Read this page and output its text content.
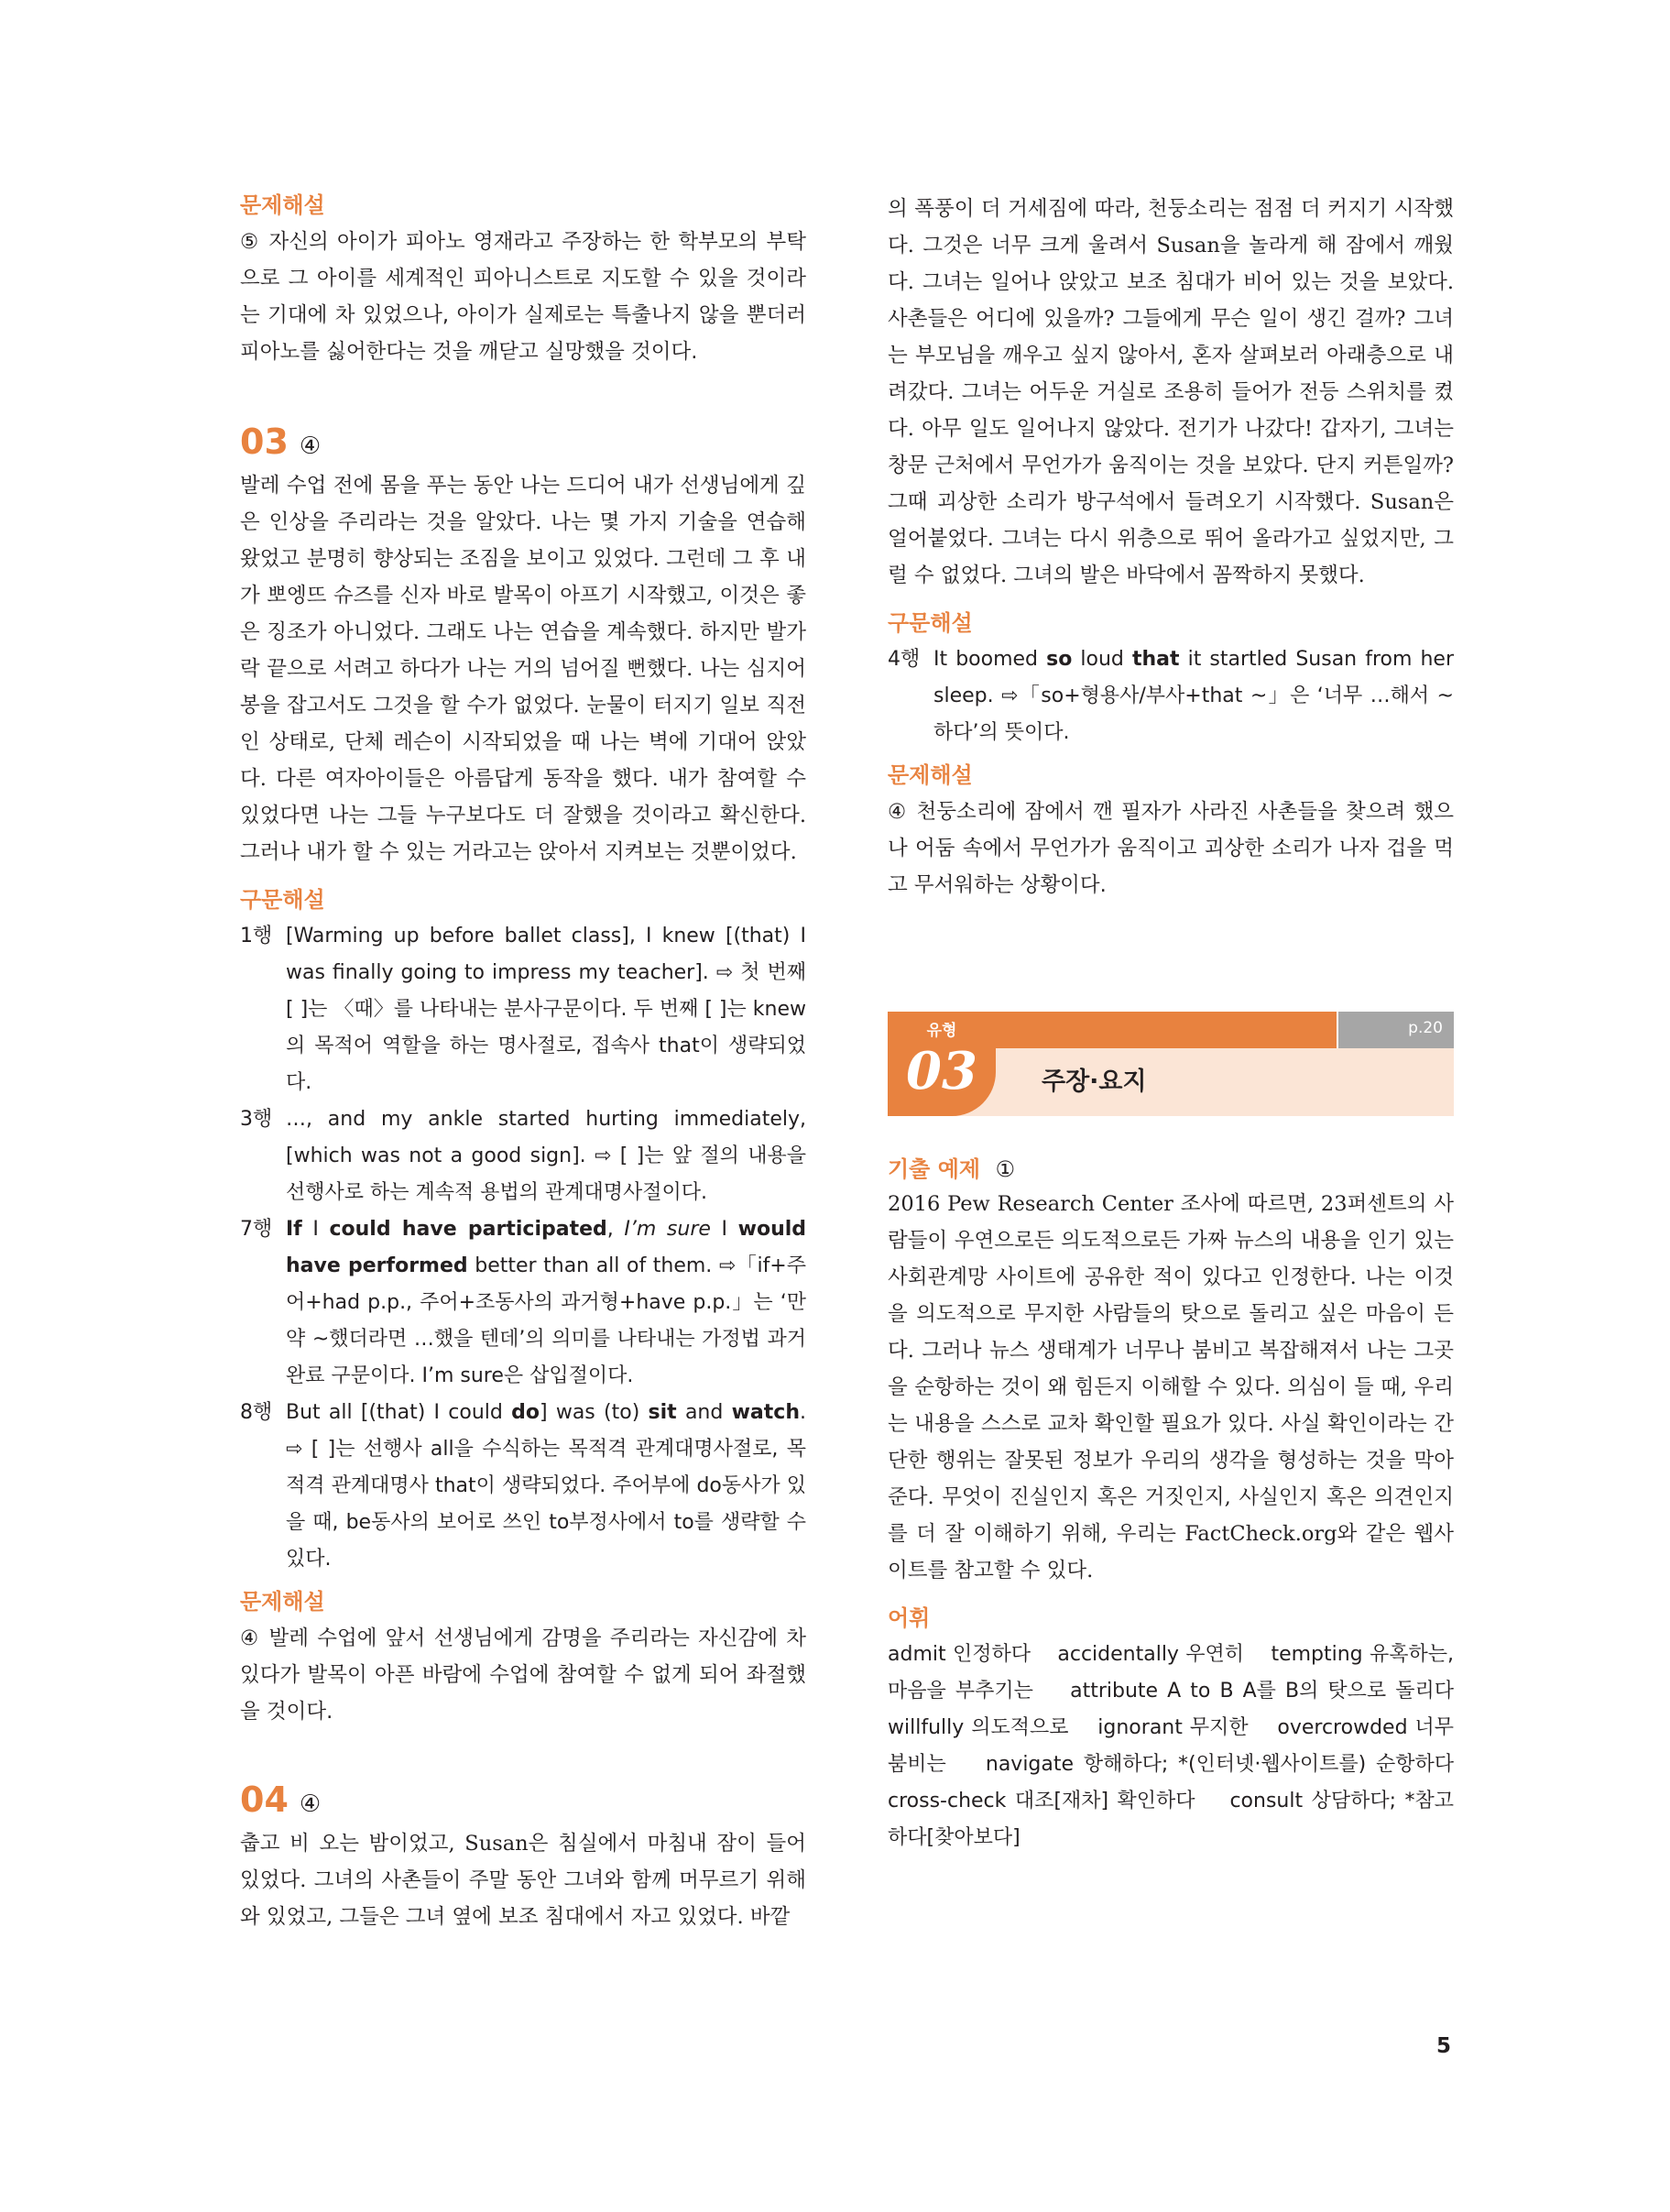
문제해설
⑤ 자신의 아이가 피아노 영재라고 주장하는 한 학부모의 부탁으로 그 아이를 세계적인 피아니스트로 지도할 수 있을 것이라는 기대에 차 있었으나, 아이가 실제로는 특출나지 않을 뿐더러 피아노를 싫어한다는 것을 깨닫고 실망했을 것이다.
03 ④
발레 수업 전에 몸을 푸는 동안 나는 드디어 내가 선생님에게 깊은 인상을 주리라는 것을 알았다. 나는 몇 가지 기술을 연습해 왔었고 분명히 향상되는 조짐을 보이고 있었다. 그런데 그 후 내가 뽀엥뜨 슈즈를 신자 바로 발목이 아프기 시작했고, 이것은 좋은 징조가 아니었다. 그래도 나는 연습을 계속했다. 하지만 발가락 끝으로 서려고 하다가 나는 거의 넘어질 뻔했다. 나는 심지어 봉을 잡고서도 그것을 할 수가 없었다. 눈물이 터지기 일보 직전인 상태로, 단체 레슨이 시작되었을 때 나는 벽에 기대어 앉았다. 다른 여자아이들은 아름답게 동작을 했다. 내가 참여할 수 있었다면 나는 그들 누구보다도 더 잘했을 것이라고 확신한다. 그러나 내가 할 수 있는 거라고는 앉아서 지켜보는 것뿐이었다.
구문해설
1행 [Warming up before ballet class], I knew [(that) I was finally going to impress my teacher]. ⇨ 첫 번째 [ ]는 〈때〉를 나타내는 분사구문이다. 두 번째 [ ]는 knew의 목적어 역할을 하는 명사절로, 접속사 that이 생략되었다.
3행 …, and my ankle started hurting immediately, [which was not a good sign]. ⇨ [ ]는 앞 절의 내용을 선행사로 하는 계속적 용법의 관계대명사절이다.
7행 If I could have participated, I’m sure I would have performed better than all of them. ⇨「if+주어+had p.p., 주어+조동사의 과거형+have p.p.」는 ‘만약 ~했더라면 …했을 텐데’의 의미를 나타내는 가정법 과거완료 구문이다. I’m sure은 삽입절이다.
8행 But all [(that) I could do] was (to) sit and watch. ⇨ [ ]는 선행사 all을 수식하는 목적격 관계대명사절로, 목적격 관계대명사 that이 생략되었다. 주어부에 do동사가 있을 때, be동사의 보어로 쓰인 to부정사에서 to를 생략할 수 있다.
문제해설
④ 발레 수업에 앞서 선생님에게 감명을 주리라는 자신감에 차 있다가 발목이 아픈 바람에 수업에 참여할 수 없게 되어 좌절했을 것이다.
04 ④
춥고 비 오는 밤이었고, Susan은 침실에서 마침내 잠이 들어 있었다. 그녀의 사촌들이 주말 동안 그녀와 함께 머무르기 위해 와 있었고, 그들은 그녀 옆에 보조 침대에서 자고 있었다. 바깥
의 폭풍이 더 거세짐에 따라, 천둥소리는 점점 더 커지기 시작했다. 그것은 너무 크게 울려서 Susan을 놀라게 해 잠에서 깨웠다. 그녀는 일어나 앉았고 보조 침대가 비어 있는 것을 보았다. 사촌들은 어디에 있을까? 그들에게 무슨 일이 생긴 걸까? 그녀는 부모님을 깨우고 싶지 않아서, 혼자 살펴보러 아래층으로 내려갔다. 그녀는 어두운 거실로 조용히 들어가 전등 스위치를 켰다. 아무 일도 일어나지 않았다. 전기가 나갔다! 갑자기, 그녀는 창문 근처에서 무언가가 움직이는 것을 보았다. 단지 커튼일까? 그때 괴상한 소리가 방구석에서 들려오기 시작했다. Susan은 얼어붙었다. 그녀는 다시 위층으로 뛰어 올라가고 싶었지만, 그럴 수 없었다. 그녀의 발은 바닥에서 꼼짝하지 못했다.
구문해설
4행 It boomed so loud that it startled Susan from her sleep. ⇨「so+형용사/부사+that ~」은 ‘너무 …해서 ~하다’의 뜻이다.
문제해설
④ 천둥소리에 잠에서 깬 필자가 사라진 사촌들을 찾으려 했으나 어둠 속에서 무언가가 움직이고 괴상한 소리가 나자 겁을 먹고 무서워하는 상황이다.
p.20
유형
03	주장·요지
기출 예제 ①
2016 Pew Research Center 조사에 따르면, 23퍼센트의 사람들이 우연으로든 의도적으로든 가짜 뉴스의 내용을 인기 있는 사회관계망 사이트에 공유한 적이 있다고 인정한다. 나는 이것을 의도적으로 무지한 사람들의 탓으로 돌리고 싶은 마음이 든다. 그러나 뉴스 생태계가 너무나 붐비고 복잡해져서 나는 그곳을 순항하는 것이 왜 힘든지 이해할 수 있다. 의심이 들 때, 우리는 내용을 스스로 교차 확인할 필요가 있다. 사실 확인이라는 간단한 행위는 잘못된 정보가 우리의 생각을 형성하는 것을 막아 준다. 무엇이 진실인지 혹은 거짓인지, 사실인지 혹은 의견인지를 더 잘 이해하기 위해, 우리는 FactCheck.org와 같은 웹사이트를 참고할 수 있다.
어휘
admit 인정하다    accidentally 우연히    tempting 유혹하는, 마음을 부추기는    attribute A to B A를 B의 탓으로 돌리다    willfully 의도적으로    ignorant 무지한    overcrowded 너무 붐비는    navigate 항해하다; *(인터넷·웹사이트를) 순항하다    cross-check 대조[재차] 확인하다    consult 상담하다; *참고하다[찾아보다]
5
